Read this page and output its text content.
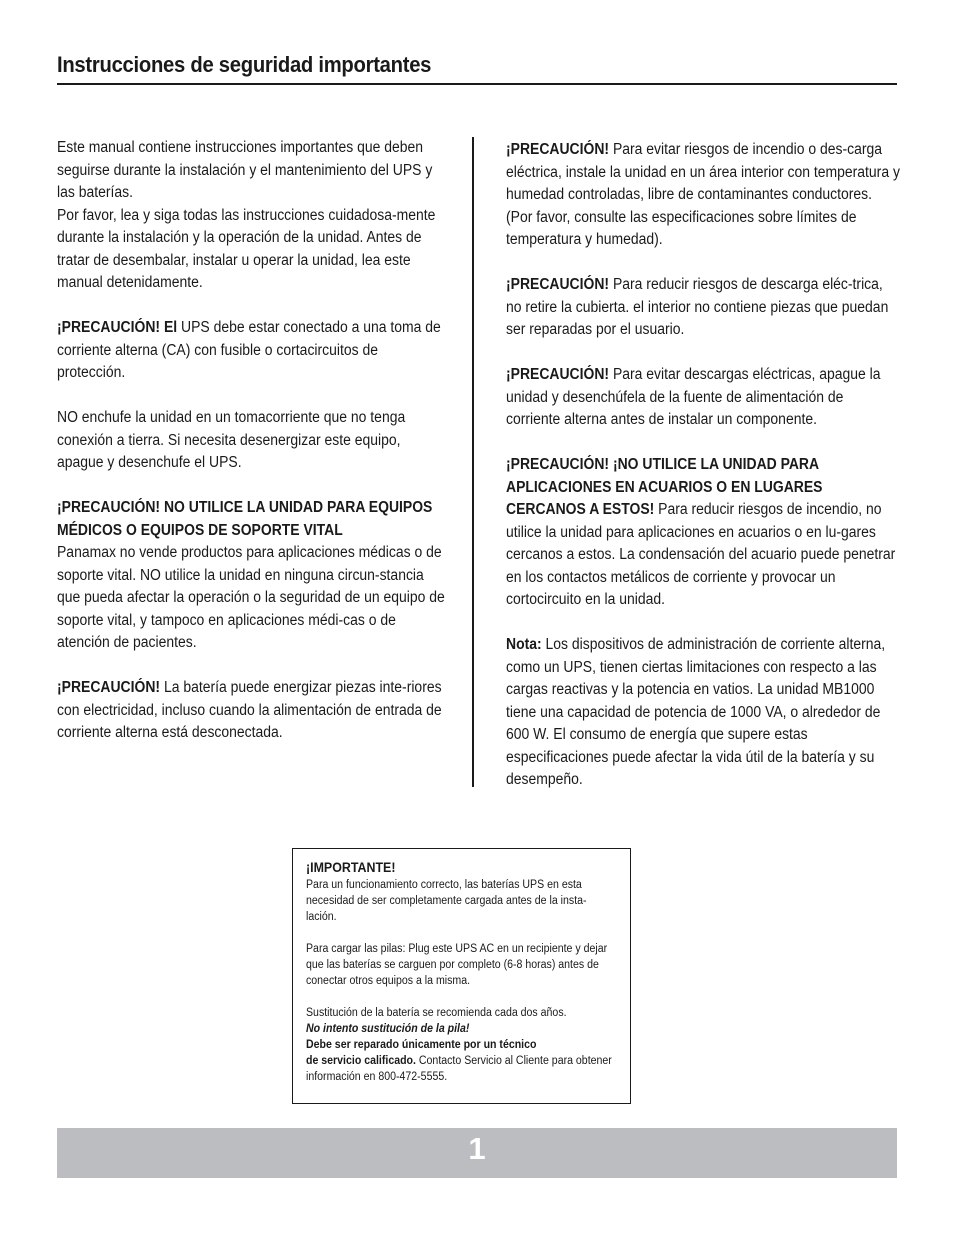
Instrucciones de seguridad importantes

Este manual contiene instrucciones importantes que deben seguirse durante la instalación y el mantenimiento del UPS y las baterías.

Por favor, lea y siga todas las instrucciones cuidadosa-mente durante la instalación y la operación de la unidad. Antes de tratar de desembalar, instalar u operar la unidad, lea este manual detenidamente.

¡PRECAUCIÓN! El UPS debe estar conectado a una toma de corriente alterna (CA) con fusible o cortacircuitos de protección.

NO enchufe la unidad en un tomacorriente que no tenga conexión a tierra. Si necesita desenergizar este equipo, apague y desenchufe el UPS.

¡PRECAUCIÓN! NO UTILICE LA UNIDAD PARA EQUIPOS MÉDICOS O EQUIPOS DE SOPORTE VITAL
Panamax no vende productos para aplicaciones médicas o de soporte vital. NO utilice la unidad en ninguna circun-stancia que pueda afectar la operación o la seguridad de un equipo de soporte vital, y tampoco en aplicaciones médi-cas o de atención de pacientes.

¡PRECAUCIÓN! La batería puede energizar piezas inte-riores con electricidad, incluso cuando la alimentación de entrada de corriente alterna está desconectada.

¡PRECAUCIÓN! Para evitar riesgos de incendio o des-carga eléctrica, instale la unidad en un área interior con temperatura y humedad controladas, libre de contaminantes conductores. (Por favor, consulte las especificaciones sobre límites de temperatura y humedad).

¡PRECAUCIÓN! Para reducir riesgos de descarga eléc-trica, no retire la cubierta. el interior no contiene piezas que puedan ser reparadas por el usuario.

¡PRECAUCIÓN! Para evitar descargas eléctricas, apague la unidad y desenchúfela de la fuente de alimentación de corriente alterna antes de instalar un componente.

¡PRECAUCIÓN! ¡NO UTILICE LA UNIDAD PARA APLICACIONES EN ACUARIOS O EN LUGARES CERCANOS A ESTOS! Para reducir riesgos de incendio, no utilice la unidad para aplicaciones en acuarios o en lu-gares cercanos a estos. La condensación del acuario puede penetrar en los contactos metálicos de corriente y provocar un cortocircuito en la unidad.

Nota: Los dispositivos de administración de corriente alterna, como un UPS, tienen ciertas limitaciones con respecto a las cargas reactivas y la potencia en vatios. La unidad MB1000 tiene una capacidad de potencia de 1000 VA, o alrededor de 600 W. El consumo de energía que supere estas especificaciones puede afectar la vida útil de la batería y su desempeño.

¡IMPORTANTE!

Para un funcionamiento correcto, las baterías UPS en esta necesidad de ser completamente cargada antes de la insta-lación.

Para cargar las pilas: Plug este UPS AC en un recipiente y dejar que las baterías se carguen por completo (6-8 horas) antes de conectar otros equipos a la misma.

Sustitución de la batería se recomienda cada dos años.

No intento sustitución de la pila!

Debe ser reparado únicamente por un técnico

de servicio calificado. Contacto Servicio al Cliente para obtener información en 800-472-5555.

1
